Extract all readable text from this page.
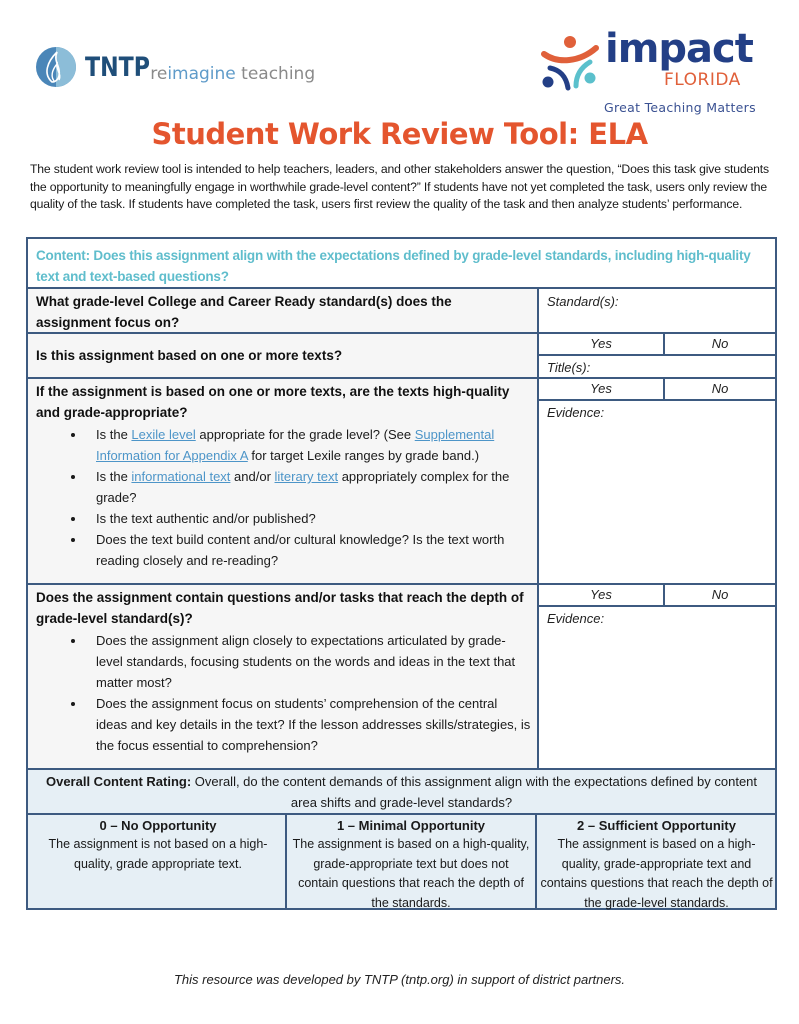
TNTP reimagine teaching
impact
FLORIDA
Great Teaching Matters
Student Work Review Tool: ELA
The student work review tool is intended to help teachers, leaders, and other stakeholders answer the question, “Does this task give students the opportunity to meaningfully engage in worthwhile grade-level content?” If students have not yet completed the task, users only review the quality of the task. If students have completed the task, users first review the quality of the task and then analyze students’ performance.
Content: Does this assignment align with the expectations defined by grade-level standards, including high-quality text and text-based questions?
What grade-level College and Career Ready standard(s) does the assignment focus on?
Standard(s):
Is this assignment based on one or more texts?
Yes	No
Title(s):
If the assignment is based on one or more texts, are the texts high-quality and grade-appropriate?
• Is the Lexile level appropriate for the grade level? (See Supplemental Information for Appendix A for target Lexile ranges by grade band.)
• Is the informational text and/or literary text appropriately complex for the grade?
• Is the text authentic and/or published?
• Does the text build content and/or cultural knowledge? Is the text worth reading closely and re-reading?
Yes	No
Evidence:
Does the assignment contain questions and/or tasks that reach the depth of grade-level standard(s)?
• Does the assignment align closely to expectations articulated by grade-level standards, focusing students on the words and ideas in the text that matter most?
• Does the assignment focus on students’ comprehension of the central ideas and key details in the text? If the lesson addresses skills/strategies, is the focus essential to comprehension?
Yes	No
Evidence:
Overall Content Rating: Overall, do the content demands of this assignment align with the expectations defined by content area shifts and grade-level standards?
0 – No Opportunity
The assignment is not based on a high-quality, grade appropriate text.
1 – Minimal Opportunity
The assignment is based on a high-quality, grade-appropriate text but does not contain questions that reach the depth of the standards.
2 – Sufficient Opportunity
The assignment is based on a high-quality, grade-appropriate text and contains questions that reach the depth of the grade-level standards.
This resource was developed by TNTP (tntp.org) in support of district partners.
